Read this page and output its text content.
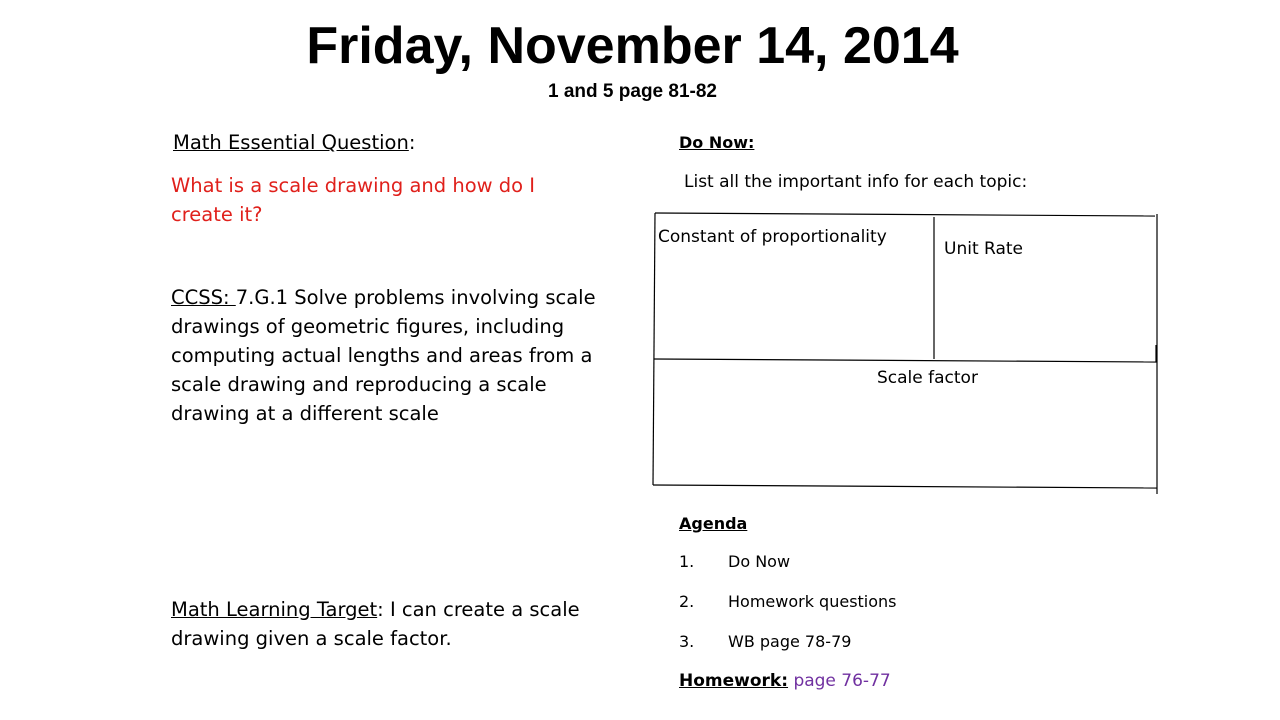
Friday, November 14, 2014
1 and 5 page 81-82
Math Essential Question:
What is a scale drawing and how do I create it?
CCSS: 7.G.1 Solve problems involving scale drawings of geometric figures, including computing actual lengths and areas from a scale drawing and reproducing a scale drawing at a different scale
Math Learning Target: I can create a scale drawing given a scale factor.
Do Now:
List all the important info for each topic:
Constant of proportionality
Unit Rate
Scale factor
Agenda
1.	Do Now
2.	Homework questions
3.	WB page 78-79
Homework: page 76-77
